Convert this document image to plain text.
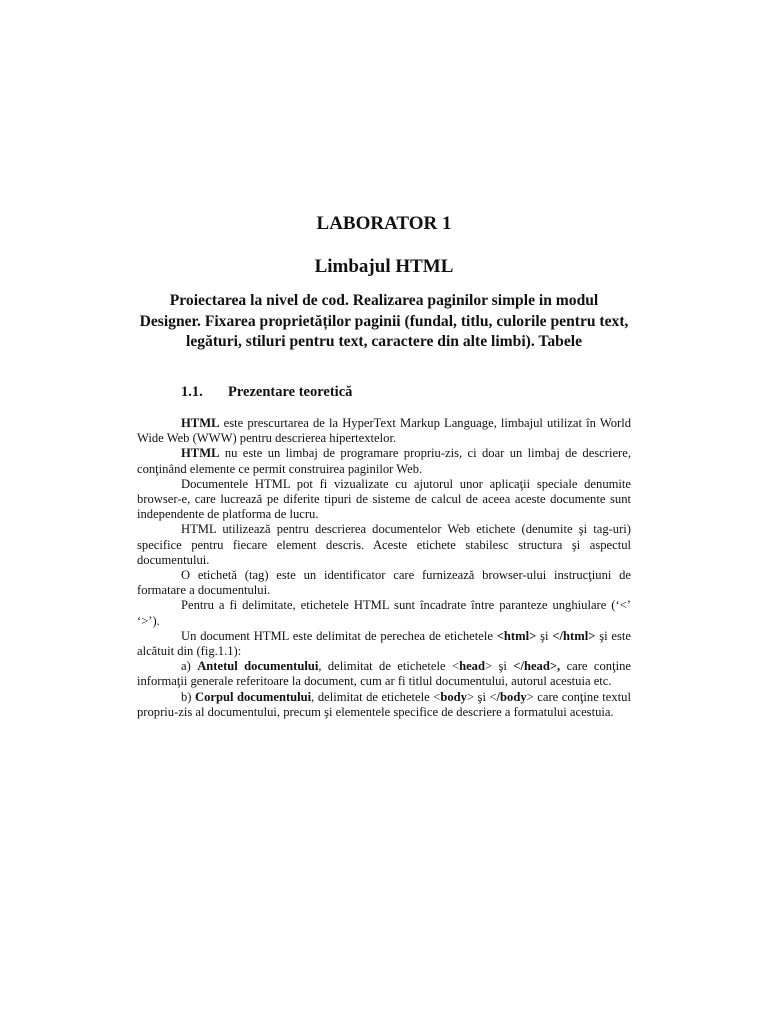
LABORATOR 1
Limbajul HTML
Proiectarea la nivel de cod. Realizarea paginilor simple in modul Designer. Fixarea proprietăților paginii (fundal, titlu, culorile pentru text, legături, stiluri pentru text, caractere din alte limbi). Tabele
1.1. Prezentare teoretică

HTML este prescurtarea de la HyperText Markup Language, limbajul utilizat în World Wide Web (WWW) pentru descrierea hipertextelor.

HTML nu este un limbaj de programare propriu-zis, ci doar un limbaj de descriere, conţinând elemente ce permit construirea paginilor Web.

Documentele HTML pot fi vizualizate cu ajutorul unor aplicaţii speciale denumite browser-e, care lucrează pe diferite tipuri de sisteme de calcul de aceea aceste documente sunt independente de platforma de lucru.

HTML utilizează pentru descrierea documentelor Web etichete (denumite şi tag-uri) specifice pentru fiecare element descris. Aceste etichete stabilesc structura şi aspectul documentului.

O etichetă (tag) este un identificator care furnizează browser-ului instrucţiuni de formatare a documentului.

Pentru a fi delimitate, etichetele HTML sunt încadrate între paranteze unghiulare (‘<’ ‘>’).

Un document HTML este delimitat de perechea de etichetele <html> şi </html> şi este alcătuit din (fig.1.1):

a) Antetul documentului, delimitat de etichetele <head> şi </head>, care conţine informaţii generale referitoare la document, cum ar fi titlul documentului, autorul acestuia etc.

b) Corpul documentului, delimitat de etichetele <body> şi </body> care conţine textul propriu-zis al documentului, precum şi elementele specifice de descriere a formatului acestuia.
